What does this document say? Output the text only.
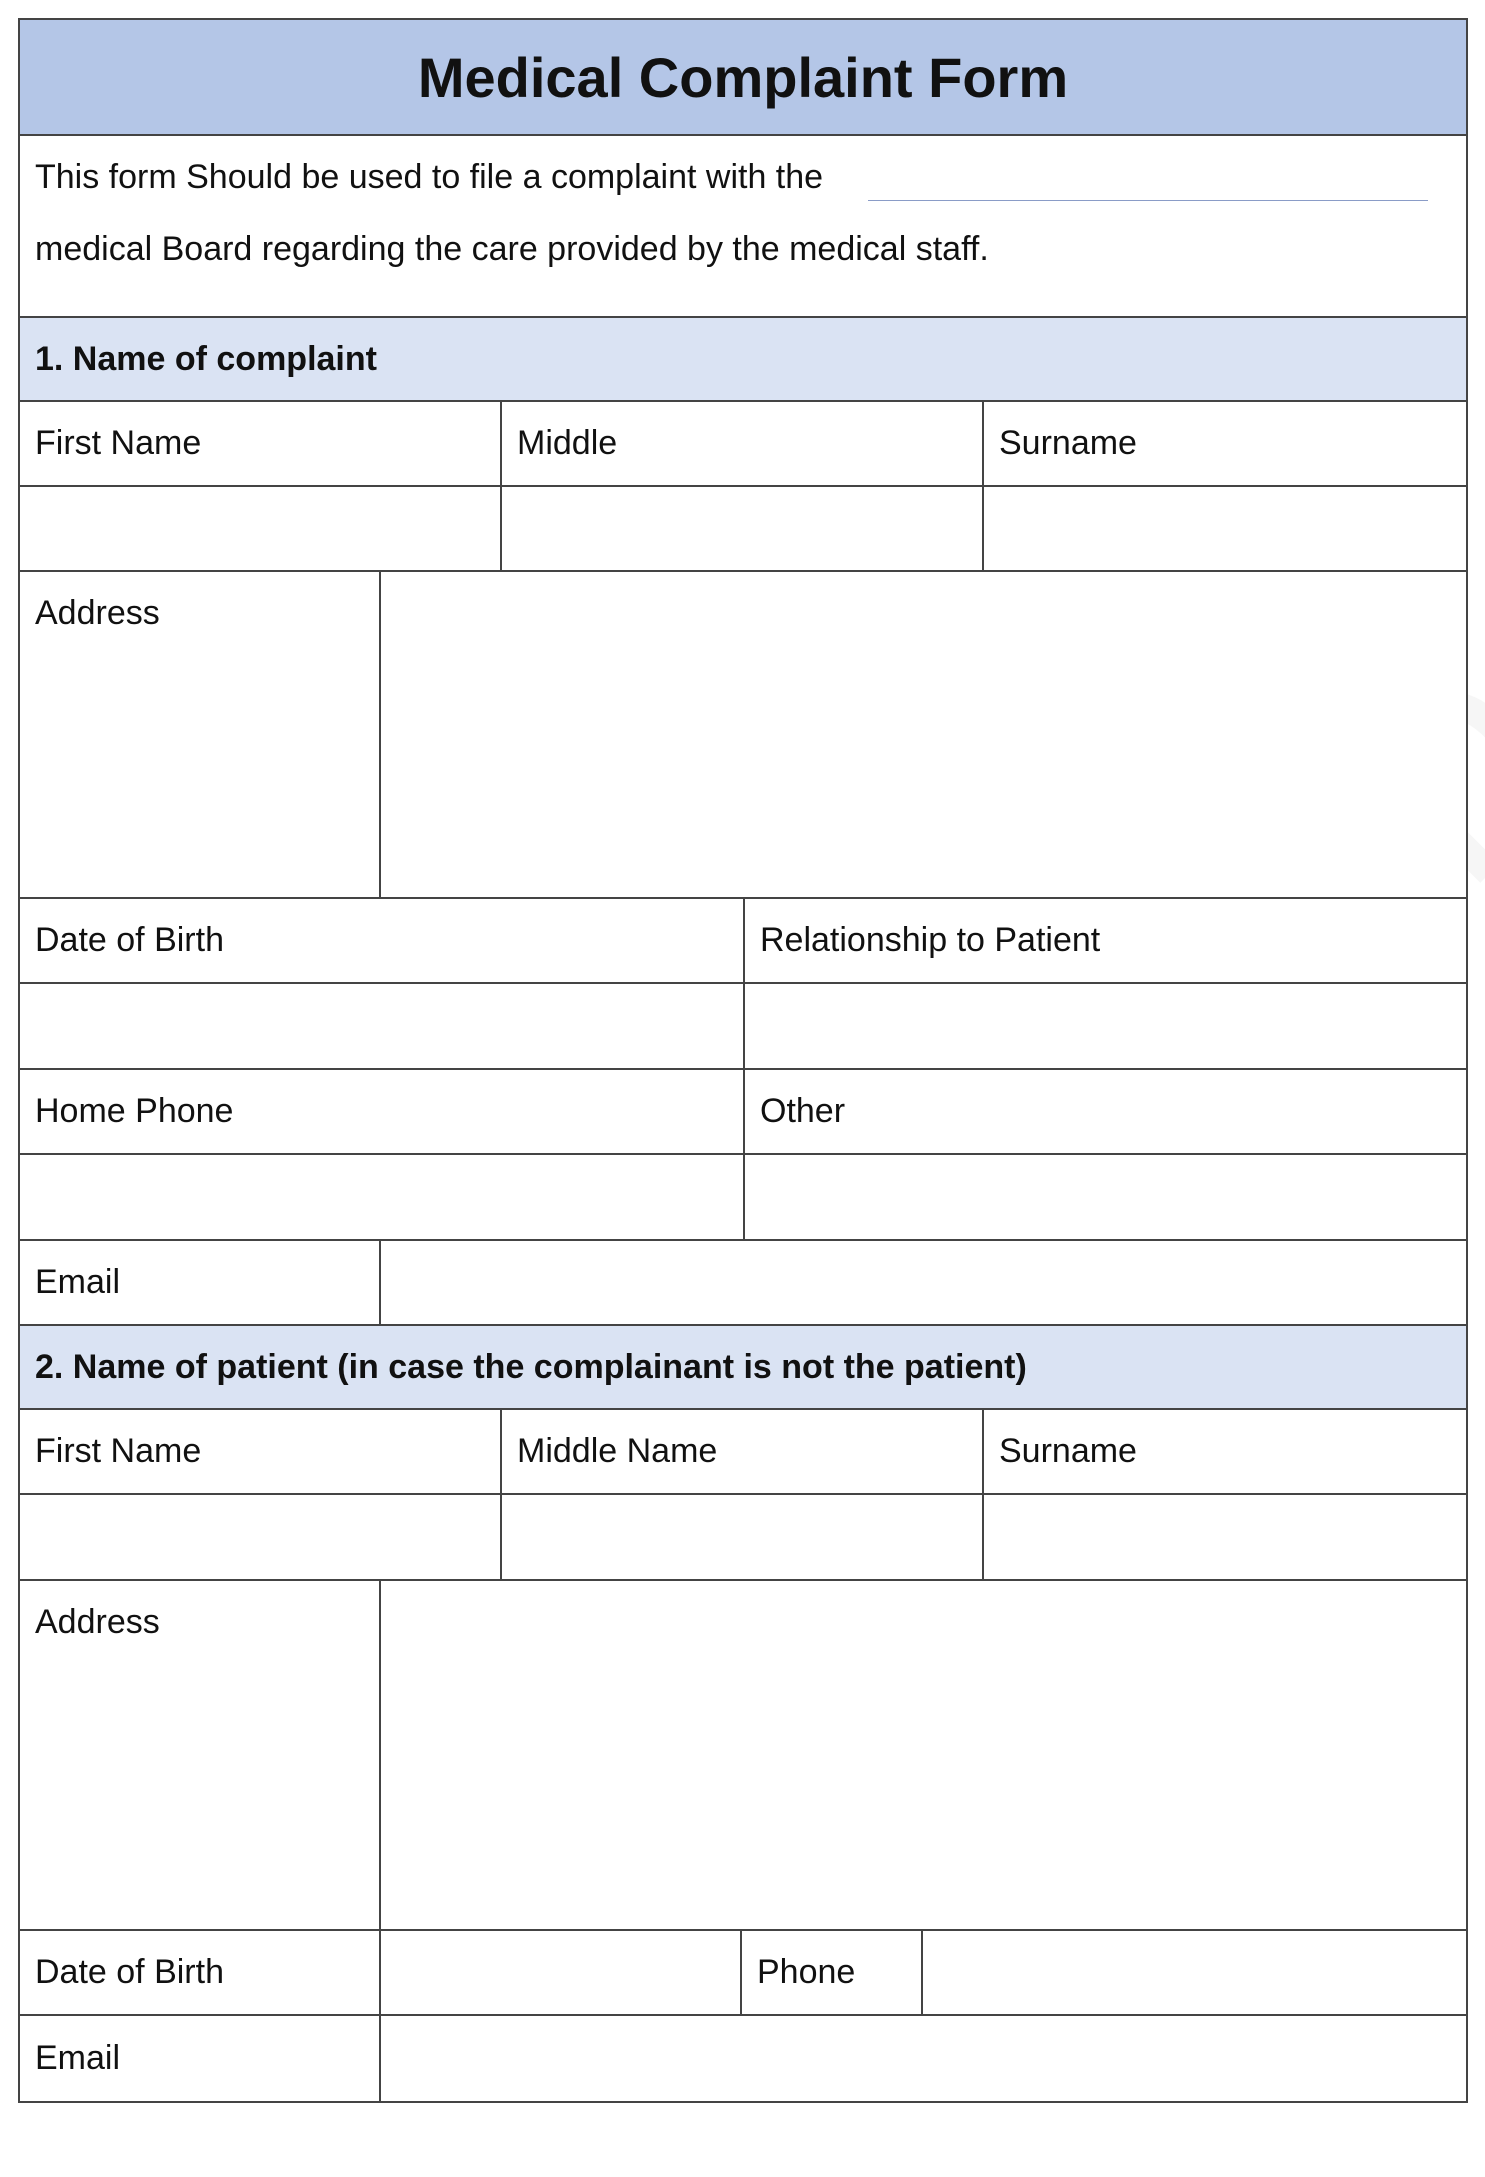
Medical Complaint Form
This form Should be used to file a complaint with the
medical Board regarding the care provided by the medical staff.
1. Name of complaint
First Name	Middle	Surname
Address
Date of Birth	Relationship to Patient
Home Phone	Other
Email
2. Name of patient (in case the complainant is not the patient)
First Name	Middle Name	Surname
Address
Date of Birth	Phone
Email
